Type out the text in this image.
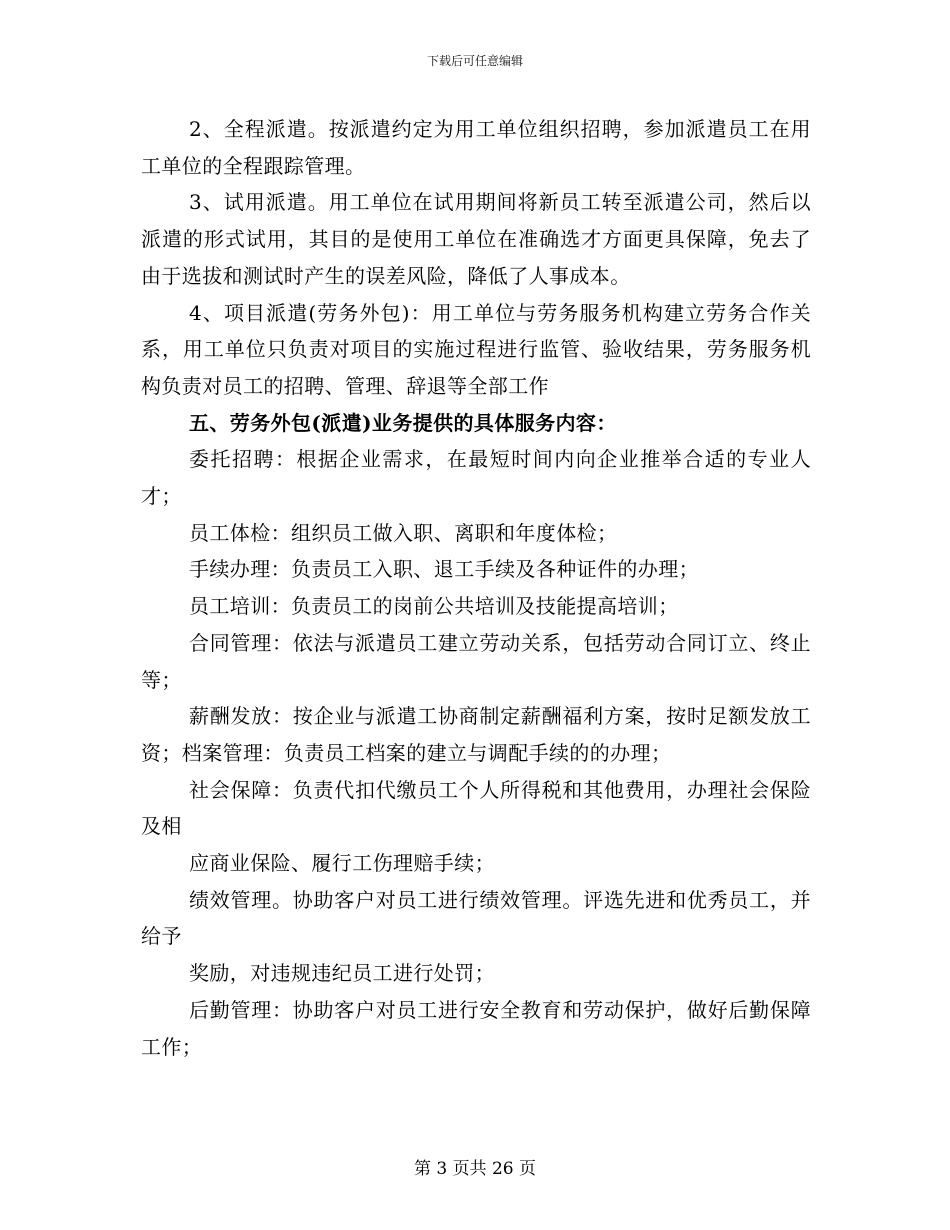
下载后可任意编辑

2、全程派遣。按派遣约定为用工单位组织招聘，参加派遣员工在用工单位的全程跟踪管理。

3、试用派遣。用工单位在试用期间将新员工转至派遣公司，然后以派遣的形式试用，其目的是使用工单位在准确选才方面更具保障，免去了由于选拔和测试时产生的误差风险，降低了人事成本。

4、项目派遣(劳务外包)：用工单位与劳务服务机构建立劳务合作关系，用工单位只负责对项目的实施过程进行监管、验收结果，劳务服务机构负责对员工的招聘、管理、辞退等全部工作

五、劳务外包(派遣)业务提供的具体服务内容：

委托招聘：根据企业需求，在最短时间内向企业推举合适的专业人才；

员工体检：组织员工做入职、离职和年度体检；

手续办理：负责员工入职、退工手续及各种证件的办理；

员工培训：负责员工的岗前公共培训及技能提高培训；

合同管理：依法与派遣员工建立劳动关系，包括劳动合同订立、终止等；

薪酬发放：按企业与派遣工协商制定薪酬福利方案，按时足额发放工资；档案管理：负责员工档案的建立与调配手续的的办理；

社会保障：负责代扣代缴员工个人所得税和其他费用，办理社会保险及相

应商业保险、履行工伤理赔手续；

绩效管理。协助客户对员工进行绩效管理。评选先进和优秀员工，并给予

奖励，对违规违纪员工进行处罚；

后勤管理：协助客户对员工进行安全教育和劳动保护，做好后勤保障工作；

第 3 页共 26 页
